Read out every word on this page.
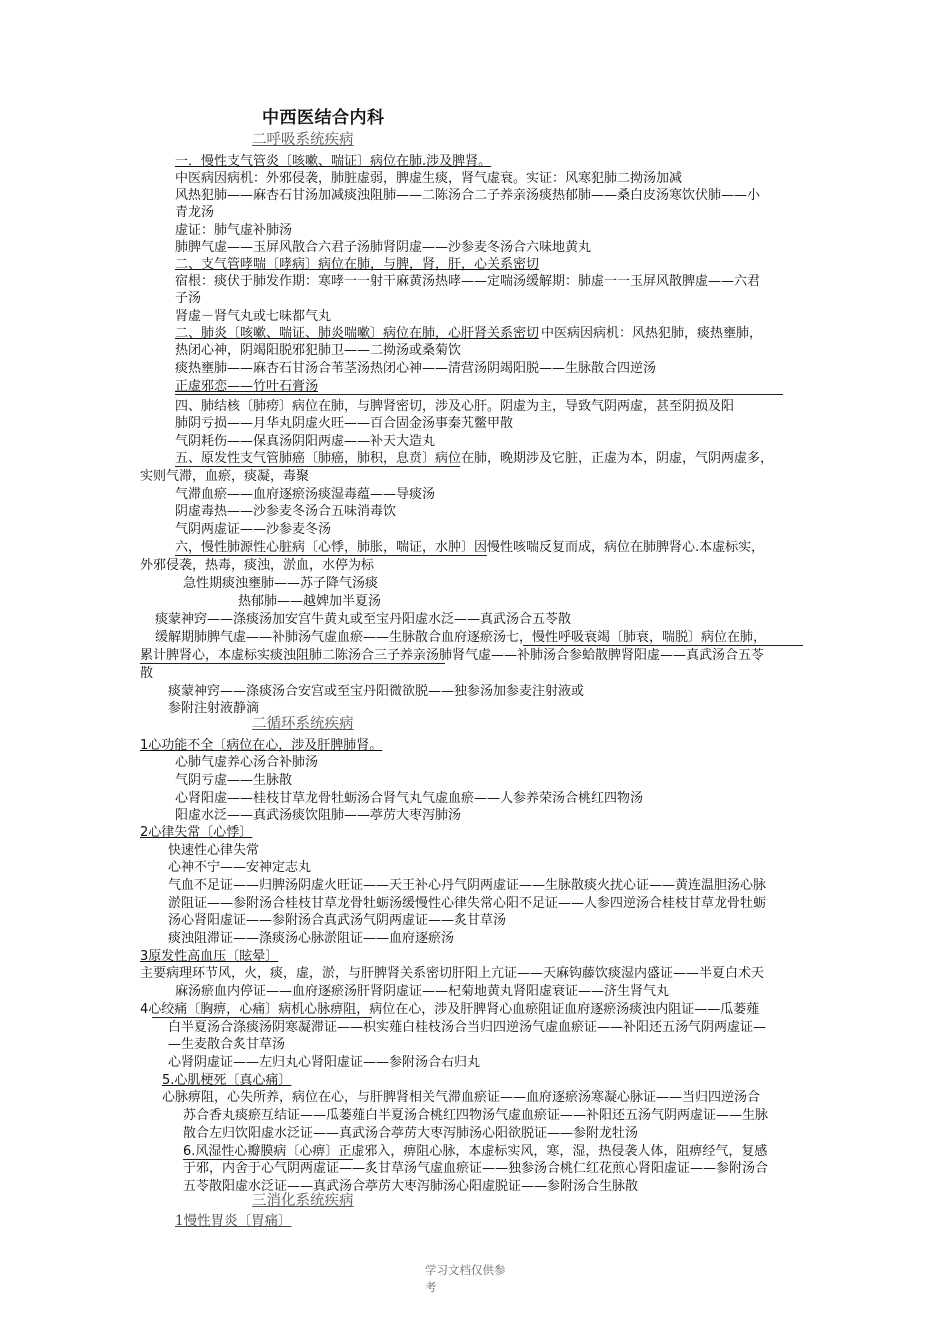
中西医结合内科
二呼吸系统疾病
一．慢性支气管炎〔咳嗽、喘证〕病位在肺.涉及脾肾。
中医病因病机：外邪侵袭，肺脏虚弱，脾虚生痰，肾气虚衰。实证：风寒犯肺二拗汤加减
风热犯肺——麻杏石甘汤加减痰浊阻肺——二陈汤合二子养亲汤痰热郁肺——桑白皮汤寒饮伏肺——小
青龙汤
虚证：肺气虚补肺汤
肺脾气虚——玉屏风散合六君子汤肺肾阴虚——沙参麦冬汤合六味地黄丸
二、支气管哮喘〔哮病〕病位在肺，与脾，肾，肝，心关系密切
宿根：痰伏于肺发作期：寒哮一一射干麻黄汤热哮——定喘汤缓解期：肺虚一一玉屏风散脾虚——六君
子汤
肾虚－肾气丸或七味都气丸
二、肺炎〔咳嗽、喘证、肺炎喘嗽〕病位在肺，心肝肾关系密切 中医病因病机：风热犯肺，痰热壅肺，
热闭心神，阴竭阳脱邪犯肺卫——二拗汤或桑菊饮
痰热壅肺——麻杏石甘汤合苇茎汤热闭心神——清营汤阴竭阳脱——生脉散合四逆汤
正虚邪恋——竹叶石膏汤
四、肺结核〔肺痨〕病位在肺，与脾肾密切，涉及心肝。阴虚为主，导致气阴两虚，甚至阴损及阳
肺阴亏损——月华丸阴虚火旺——百合固金汤事秦艽鳖甲散
气阴耗伤——保真汤阴阳两虚——补天大造丸
五、原发性支气管肺癌〔肺癌，肺积，息贲〕病位在肺，晚期涉及它脏，正虚为本，阴虚，气阴两虚多，
实则气滞，血瘀，痰凝，毒聚
气滞血瘀——血府逐瘀汤痰湿毒蕴——导痰汤
阴虚毒热——沙参麦冬汤合五味消毒饮
气阴两虚证——沙参麦冬汤
六，慢性肺源性心脏病〔心悸，肺胀，喘证，水肿〕因慢性咳喘反复而成，病位在肺脾肾心.本虚标实，
外邪侵袭，热毒，痰浊，淤血，水停为标
急性期痰浊壅肺——苏子降气汤痰
热郁肺——越婢加半夏汤
痰蒙神窍——涤痰汤加安宫牛黄丸或至宝丹阳虚水泛——真武汤合五苓散
缓解期肺脾气虚——补肺汤气虚血瘀——生脉散合血府逐瘀汤七，慢性呼吸衰竭〔肺衰，喘脱〕病位在肺，
累计脾肾心，本虚标实痰浊阻肺二陈汤合三子养亲汤肺肾气虚——补肺汤合参蛤散脾肾阳虚——真武汤合五苓
散
痰蒙神窍——涤痰汤合安宫或至宝丹阳微欲脱——独参汤加参麦注射液或
参附注射液静滴
二循环系统疾病
1心功能不全〔病位在心，涉及肝脾肺肾。
心肺气虚养心汤合补肺汤
气阴亏虚——生脉散
心肾阳虚——桂枝甘草龙骨牡蛎汤合肾气丸气虚血瘀——人参养荣汤合桃红四物汤
阳虚水泛——真武汤痰饮阻肺——葶苈大枣泻肺汤
2心律失常〔心悸〕
快速性心律失常
心神不宁——安神定志丸
气血不足证——归脾汤阴虚火旺证——天王补心丹气阴两虚证——生脉散痰火扰心证——黄连温胆汤心脉
淤阻证——参附汤合桂枝甘草龙骨牡蛎汤缓慢性心律失常心阳不足证——人参四逆汤合桂枝甘草龙骨牡蛎
汤心肾阳虚证——参附汤合真武汤气阴两虚证——炙甘草汤
痰浊阻滞证——涤痰汤心脉淤阻证——血府逐瘀汤
3原发性高血压〔眩晕〕
主要病理环节风，火，痰，虚，淤，与肝脾肾关系密切肝阳上亢证——天麻钩藤饮痰湿内盛证——半夏白术天
麻汤瘀血内停证——血府逐瘀汤肝肾阴虚证——杞菊地黄丸肾阳虚衰证——济生肾气丸
4心绞痛〔胸痹，心痛〕病机心脉痹阻，病位在心，涉及肝脾肾心血瘀阻证血府逐瘀汤痰浊内阻证——瓜蒌薤
白半夏汤合涤痰汤阴寒凝滞证——枳实薤白桂枝汤合当归四逆汤气虚血瘀证——补阳还五汤气阴两虚证—
—生麦散合炙甘草汤
心肾阴虚证——左归丸心肾阳虚证——参附汤合右归丸
5.心肌梗死〔真心痛〕
心脉痹阻，心失所养，病位在心，与肝脾肾相关气滞血瘀证——血府逐瘀汤寒凝心脉证——当归四逆汤合
苏合香丸痰瘀互结证——瓜蒌薤白半夏汤合桃红四物汤气虚血瘀证——补阳还五汤气阴两虚证——生脉
散合左归饮阳虚水泛证——真武汤合葶苈大枣泻肺汤心阳欲脱证——参附龙牡汤
6.风湿性心瓣膜病〔心痹〕正虚邪入，痹阻心脉，本虚标实风，寒，湿，热侵袭人体，阻痹经气，复感
于邪，内舍于心气阴两虚证——炙甘草汤气虚血瘀证——独参汤合桃仁红花煎心肾阳虚证——参附汤合
五苓散阳虚水泛证——真武汤合葶苈大枣泻肺汤心阳虚脱证——参附汤合生脉散
三消化系统疾病
1慢性胃炎〔胃痛〕
学习文档仅供参
考
